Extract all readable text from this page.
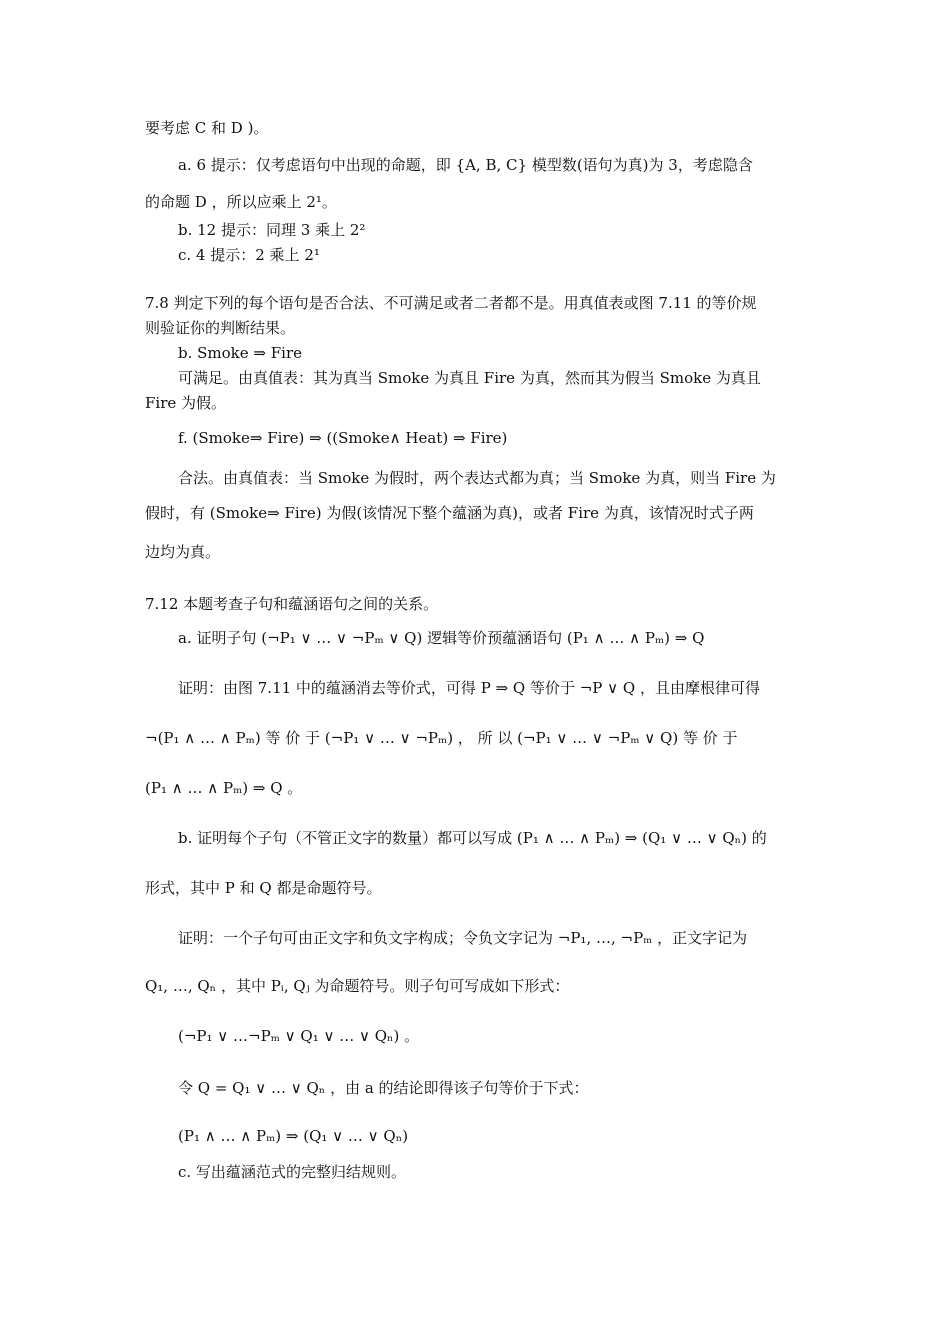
要考虑 C 和 D )。
a. 6 提示：仅考虑语句中出现的命题，即 {A, B, C} 模型数(语句为真)为 3，考虑隐含
的命题 D ，所以应乘上 2¹。
b. 12 提示：同理 3 乘上 2²
c. 4 提示：2 乘上 2¹
7.8 判定下列的每个语句是否合法、不可满足或者二者都不是。用真值表或图 7.11 的等价规
则验证你的判断结果。
b. Smoke ⇒ Fire
可满足。由真值表：其为真当 Smoke 为真且 Fire 为真，然而其为假当 Smoke 为真且
Fire 为假。
f. (Smoke⇒ Fire) ⇒ ((Smoke∧ Heat) ⇒ Fire)
合法。由真值表：当 Smoke 为假时，两个表达式都为真；当 Smoke 为真，则当 Fire 为
假时，有 (Smoke⇒ Fire) 为假(该情况下整个蕴涵为真)，或者 Fire 为真，该情况时式子两
边均为真。
7.12 本题考查子句和蕴涵语句之间的关系。
a. 证明子句 (¬P₁ ∨ … ∨ ¬Pₘ ∨ Q) 逻辑等价预蕴涵语句 (P₁ ∧ … ∧ Pₘ) ⇒ Q
证明：由图 7.11 中的蕴涵消去等价式，可得 P ⇒ Q 等价于 ¬P ∨ Q ，且由摩根律可得
¬(P₁ ∧ … ∧ Pₘ) 等 价 于 (¬P₁ ∨ … ∨ ¬Pₘ) ， 所 以 (¬P₁ ∨ … ∨ ¬Pₘ ∨ Q) 等 价 于
(P₁ ∧ … ∧ Pₘ) ⇒ Q 。
b. 证明每个子句（不管正文字的数量）都可以写成 (P₁ ∧ … ∧ Pₘ) ⇒ (Q₁ ∨ … ∨ Qₙ) 的
形式，其中 P 和 Q 都是命题符号。
证明：一个子句可由正文字和负文字构成；令负文字记为 ¬P₁, …, ¬Pₘ ，正文字记为
Q₁, …, Qₙ ，其中 Pᵢ, Qⱼ 为命题符号。则子句可写成如下形式：
(¬P₁ ∨ …¬Pₘ ∨ Q₁ ∨ … ∨ Qₙ) 。
令 Q = Q₁ ∨ … ∨ Qₙ ，由 a 的结论即得该子句等价于下式：
(P₁ ∧ … ∧ Pₘ) ⇒ (Q₁ ∨ … ∨ Qₙ)
c. 写出蕴涵范式的完整归结规则。
